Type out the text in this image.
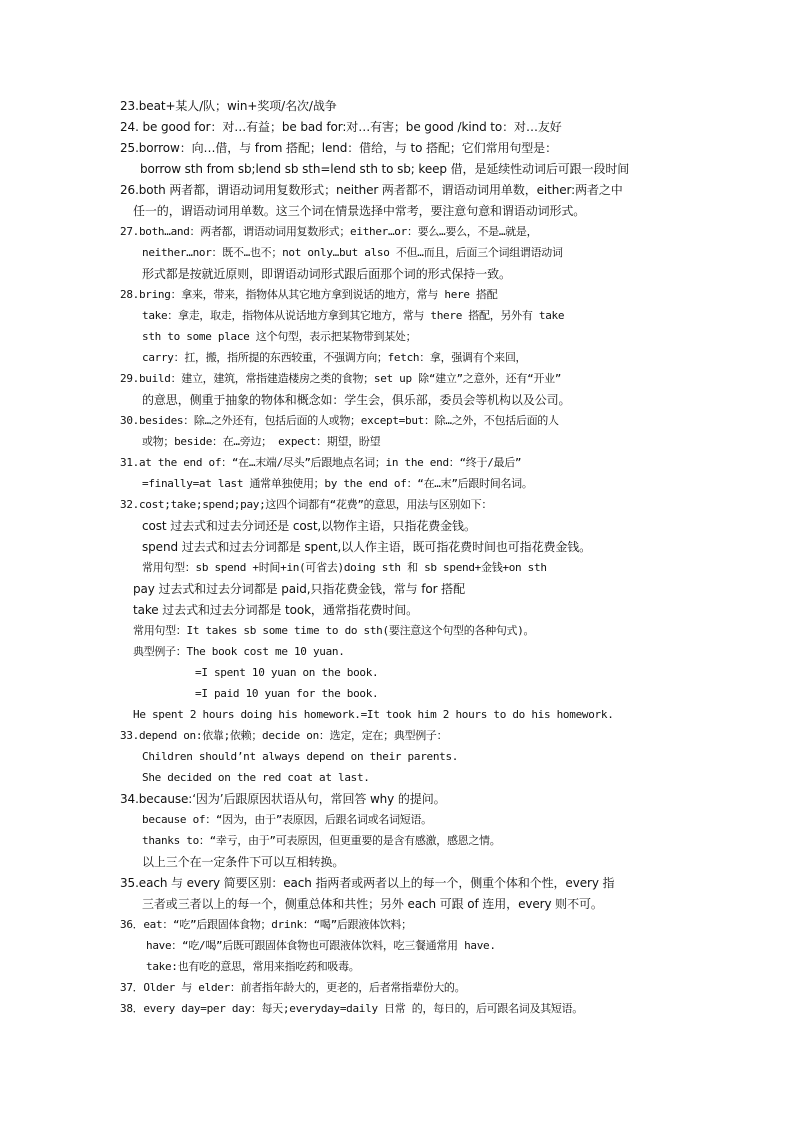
23.beat+某人/队；win+奖项/名次/战争
24. be good for：对…有益；be bad for:对…有害；be good /kind to：对…友好
25.borrow：向…借，与 from 搭配；lend：借给，与 to 搭配；它们常用句型是：
borrow sth from sb;lend sb sth=lend sth to sb; keep 借，是延续性动词后可跟一段时间
26.both 两者都，谓语动词用复数形式；neither 两者都不，谓语动词用单数，either:两者之中
任一的，谓语动词用单数。这三个词在情景选择中常考，要注意句意和谓语动词形式。
27.both…and：两者都，谓语动词用复数形式；either…or：要么…要么，不是…就是，
neither…nor：既不…也不；not only…but also 不但…而且，后面三个词组谓语动词
形式都是按就近原则，即谓语动词形式跟后面那个词的形式保持一致。
28.bring：拿来，带来，指物体从其它地方拿到说话的地方，常与 here 搭配
take：拿走，取走，指物体从说话地方拿到其它地方，常与 there 搭配，另外有 take
sth to some place 这个句型，表示把某物带到某处；
carry：扛，搬，指所提的东西较重，不强调方向；fetch：拿，强调有个来回，
29.build：建立，建筑，常指建造楼房之类的食物；set up 除“建立”之意外，还有“开业”
的意思，侧重于抽象的物体和概念如：学生会，俱乐部，委员会等机构以及公司。
30.besides：除…之外还有，包括后面的人或物；except=but：除…之外，不包括后面的人
或物；beside：在…旁边； expect：期望，盼望
31.at the end of：“在…末端/尽头”后跟地点名词；in the end：“终于/最后”
=finally=at last 通常单独使用；by the end of：“在…末”后跟时间名词。
32.cost;take;spend;pay;这四个词都有“花费”的意思，用法与区别如下：
cost 过去式和过去分词还是 cost,以物作主语，只指花费金钱。
spend 过去式和过去分词都是 spent,以人作主语，既可指花费时间也可指花费金钱。
常用句型：sb spend +时间+in(可省去)doing sth 和 sb spend+金钱+on sth
pay 过去式和过去分词都是 paid,只指花费金钱，常与 for 搭配
take 过去式和过去分词都是 took，通常指花费时间。
常用句型：It takes sb some time to do sth(要注意这个句型的各种句式)。
典型例子：The book cost me 10 yuan.
=I spent 10 yuan on the book.
=I paid 10 yuan for the book.
He spent 2 hours doing his homework.=It took him 2 hours to do his homework.
33.depend on:依靠;依赖；decide on：选定，定在；典型例子：
Children should’nt always depend on their parents.
She decided on the red coat at last.
34.because:‘因为’后跟原因状语从句，常回答 why 的提问。
because of：“因为，由于”表原因，后跟名词或名词短语。
thanks to：“幸亏，由于”可表原因，但更重要的是含有感激，感恩之情。
以上三个在一定条件下可以互相转换。
35.each 与 every 简要区别：each 指两者或两者以上的每一个，侧重个体和个性，every 指
三者或三者以上的每一个，侧重总体和共性；另外 each 可跟 of 连用，every 则不可。
36．eat：“吃”后跟固体食物；drink：“喝”后跟液体饮料；
have：“吃/喝”后既可跟固体食物也可跟液体饮料，吃三餐通常用 have.
take:也有吃的意思，常用来指吃药和吸毒。
37．Older 与 elder：前者指年龄大的，更老的，后者常指辈份大的。
38．every day=per day：每天;everyday=daily 日常 的，每日的，后可跟名词及其短语。
